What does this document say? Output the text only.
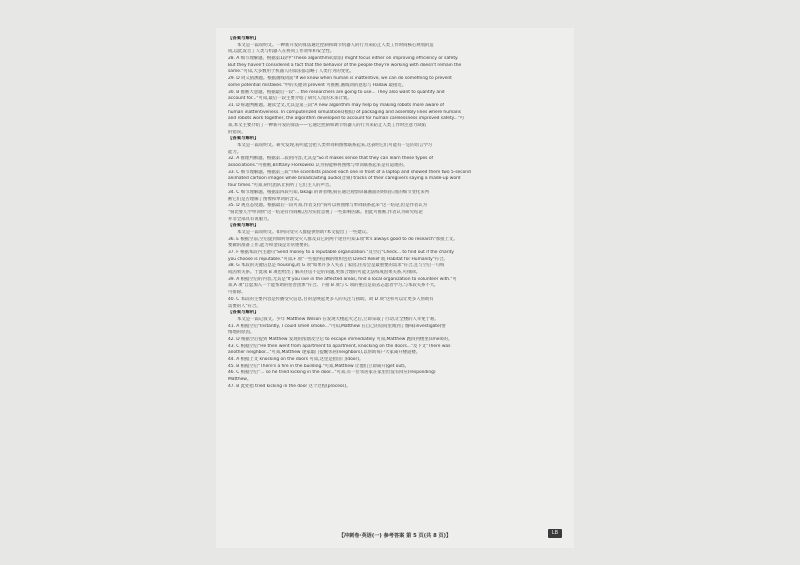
【答案与解析】
本文是一篇说明文。一种新开发的算法通过控制和调节机器人的行为来防止人类工作时间核心规划的造
成,以此发音了人类与机器人在协同工作效率和安全性。
28. A 细节理解题。根据第1段中"These algorithms(算法) might focus either on improving efficiency or safety.
But they haven't considered a fact that the behavior of the people they're working with doesn't remain the
same."可知,大多数用于机器人的算法都忽略了人类行为的变化。
29. D 词义猜测题。根据画线词前"If we know when human is inattentive, we can do something to prevent
some potential mistakes."中的关键词 prevent 可推断,画线词的意思与 Hallaw 最接近。
30. B 推断大意题。根据最后一段"... the researchers are going to use... They also want to quantify and
account for..."可知,最后一段主要介绍了研究人员的未来计划。
31. D 标题判断题。通读全文,尤其是第三段"A new algorithm may help by making robots more aware of
human inattentiveness. In computerized simulations(模拟) of packaging and assembly lines where humans
and robots work together, the algorithm developed to account for human carelessness improved safety..."可
知,本文主要介绍了一种新开发的算法——它通过控制和调节机器人的行为来防止人类工作时注意力缺陷
的错误。
【答案与解析】
本文是一篇说明文。研究发现,狗可能会把人类单词和图像联系起来,这表明它们可能有一定的语言学习
能力。
32. A 推理判断题。根据第二段的内容,尤其是"So it makes sense that they can learn these types of
associations."可推断,Brittany Florkowski 认为狗能够将图像与单词联系起来是有道理的。
33. C 细节理解题。根据第三段"The scientists placed each one in front of a laptop and showed them two 5-second
animated cartoon images while broadcasting audio(音频) tracks of their caregivers saying a made-up word
four times."可知,研究团队让狗听了它们主人的声音。
34. C 细节理解题。根据第四段可知,Takagi 的讲者纲,狗在通过观察屏幕画面的时间长短的细节变化来判
断它们是否理解了图像和单词的含义。
35. D 观点态度题。根据最后一段可知,作者支持"狗可以将图像与单词联系起来"这一结论,但是作者认为
"狗比婴儿学单词快"这一结论有待商榷,因为实验忽视了一些影响因素。由此可推断,作者认为研究结论
并非全部具有说服力。
【答案与解析】
本文是一篇说明文。如何向受灾人群提供帮助?本文提出了一些建议。
36. E 根据空前,空后提到如何帮助受灾人群及其它的两个途径可知,E项"It's always good to do research"承接上文。
要做的准备工作,能力和金钱是非常重要的。
37. F 根据本段内主题句"Send money to a reputable organization."及空后"Check... to find out if the charity
you choose is reputable."可知,F 项"一些值得信赖的组织包括 Direct Relief 或 Habitat for Humanity"符合。
38. G 本段的关键信息是 housing,故 G 项"如果许多人失去了家园,住房会是最重要的需求"符合,且与空后一句构
成因果关系。于此项 B 项也给出了解决住房不足的问题,更加合理的可能无法构成因果关系,可排除。
39. A 根据空后的内容,尤其是"If you live in the affected areas, find a local organization to volunteer with."可
知,A 项"自愿加入一个能帮助的慈善团体"符合。下接 B 项与 C 项的重点是前去志愿者学习,与本段关系不大,
可排除。
40. C 本段的主要内容是传播受灾信息,目的是唤起更多人的关注与援助。故 D 项"这样可以让更多人帮助有
需要的人"符合。
【答案与解析】
本文是一篇记叙文。少年 Matthew Wilson 在发现大楼起火之后,立即采取了行动,让全楼的人幸免于难。
41. A 根据空后"Instantly, I could smell smoke..."可知,Matthew 在自己的房间里闻到了烟味(investigate)警
惕地的原因。
42. D 根据空后提到 Matthew 发现的浓烟及空后 to escape immediately 可知,Matthew 跑回到楼里(smell)的。
43. C 根据空后"He then went from apartment to apartment, knocking on the doors..."及下文"There was
another neighbor..."可知,Matthew 逐家敲门提醒邻居(neighbors),以帮助每户大家离开楼道楼。
44. A 根据上文 knocking on the doors 可知,这里是指房门(door)。
45. B 根据空后"There's a fire in the building."可知,Matthew 让他们立即离开(get out)。
46. C 根据空后"... so he tried kicking in the door..."可知,有一位邻居家在家里但没有回应(responding)
Matthew。
47. B 此处指 tried kicking in the door 这个过程(process)。
【冲刺卷·英语(一) 参考答案 第 5 页(共 8 页)】	LB
